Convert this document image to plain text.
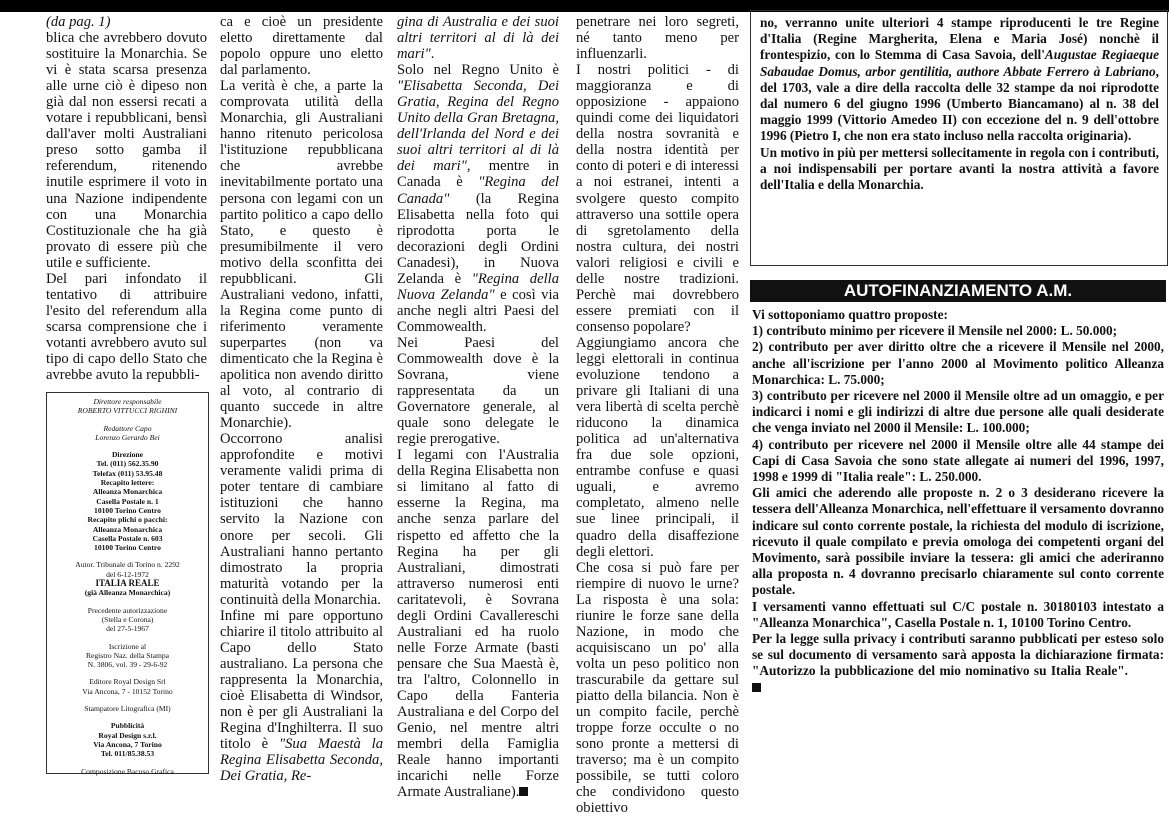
(da pag. 1)

blica che avrebbero dovuto sostituire la Monarchia. Se vi è stata scarsa presenza alle urne ciò è dipeso non già dal non essersi recati a votare i repubblicani, bensì dall'aver molti Australiani preso sotto gamba il referendum, ritenendo inutile esprimere il voto in una Nazione indipendente con una Monarchia Costituzionale che ha già provato di essere più che utile e sufficiente.

Del pari infondato il tentativo di attribuire l'esito del referendum alla scarsa comprensione che i votanti avrebbero avuto sul tipo di capo dello Stato che avrebbe avuto la repubbli-

Direttore responsabile
ROBERTO VITTUCCI RIGHINI
Redattore Capo
Lorenzo Gerardo Bei
Direzione
Tel. (011) 562.35.90
Telefax (011) 53.95.48
Recapito lettere:
Alleanza Monarchica
Casella Postale n. 1
10100 Torino Centro
Recapito plichi o pacchi:
Alleanza Monarchica
Casella Postale n. 603
10100 Torino Centro
Autor. Tribunale di Torino n. 2292
del 6-12-1972
ITALIA REALE
(già Alleanza Monarchica)
Precedente autorizzazione
(Stella e Corona)
del 27-5-1967
Iscrizione al
Registro Naz. della Stampa
N. 3806, vol. 39 - 29-6-92
Editore Royal Design Srl
Via Ancona, 7 - 10152 Torino
Stampatore Litografica (MI)
Pubblicità
Royal Design s.r.l.
Via Ancona, 7 Torino
Tel. 011/85.38.53
Composizione Bacuso Grafica

ca e cioè un presidente eletto direttamente dal popolo oppure uno eletto dal parlamento.

La verità è che, a parte la comprovata utilità della Monarchia, gli Australiani hanno ritenuto pericolosa l'istituzione repubblicana che avrebbe inevitabilmente portato una persona con legami con un partito politico a capo dello Stato, e questo è presumibilmente il vero motivo della sconfitta dei repubblicani. Gli Australiani vedono, infatti, la Regina come punto di riferimento veramente superpartes (non va dimenticato che la Regina è apolitica non avendo diritto al voto, al contrario di quanto succede in altre Monarchie).

Occorrono analisi approfondite e motivi veramente validi prima di poter tentare di cambiare istituzioni che hanno servito la Nazione con onore per secoli. Gli Australiani hanno pertanto dimostrato la propria maturità votando per la continuità della Monarchia.

Infine mi pare opportuno chiarire il titolo attribuito al Capo dello Stato australiano. La persona che rappresenta la Monarchia, cioè Elisabetta di Windsor, non è per gli Australiani la Regina d'Inghilterra. Il suo titolo è "Sua Maestà la Regina Elisabetta Seconda, Dei Gratia, Re-

gina di Australia e dei suoi altri territori al di là dei mari".

Solo nel Regno Unito è "Elisabetta Seconda, Dei Gratia, Regina del Regno Unito della Gran Bretagna, dell'Irlanda del Nord e dei suoi altri territori al di là dei mari", mentre in Canada è "Regina del Canada" (la Regina Elisabetta nella foto qui riprodotta porta le decorazioni degli Ordini Canadesi), in Nuova Zelanda è "Regina della Nuova Zelanda" e così via anche negli altri Paesi del Commowealth.

Nei Paesi del Commowealth dove è la Sovrana, viene rappresentata da un Governatore generale, al quale sono delegate le regie prerogative.

I legami con l'Australia della Regina Elisabetta non si limitano al fatto di esserne la Regina, ma anche senza parlare del rispetto ed affetto che la Regina ha per gli Australiani, dimostrati attraverso numerosi enti caritatevoli, è Sovrana degli Ordini Cavallereschi Australiani ed ha ruolo nelle Forze Armate (basti pensare che Sua Maestà è, tra l'altro, Colonnello in Capo della Fanteria Australiana e del Corpo del Genio, nel mentre altri membri della Famiglia Reale hanno importanti incarichi nelle Forze Armate Australiane).

penetrare nei loro segreti, né tanto meno per influenzarli.

I nostri politici - di maggioranza e di opposizione - appaiono quindi come dei liquidatori della nostra sovranità e della nostra identità per conto di poteri e di interessi a noi estranei, intenti a svolgere questo compito attraverso una sottile opera di sgretolamento della nostra cultura, dei nostri valori religiosi e civili e delle nostre tradizioni. Perchè mai dovrebbero essere premiati con il consenso popolare?

Aggiungiamo ancora che leggi elettorali in continua evoluzione tendono a privare gli Italiani di una vera libertà di scelta perchè riducono la dinamica politica ad un'alternativa fra due sole opzioni, entrambe confuse e quasi uguali, e avremo completato, almeno nelle sue linee principali, il quadro della disaffezione degli elettori.

Che cosa si può fare per riempire di nuovo le urne? La risposta è una sola: riunire le forze sane della Nazione, in modo che acquisiscano un po' alla volta un peso politico non trascurabile da gettare sul piatto della bilancia. Non è un compito facile, perchè troppe forze occulte o no sono pronte a mettersi di traverso; ma è un compito possibile, se tutti coloro che condividono questo obiettivo

no, verranno unite ulteriori 4 stampe riproducenti le tre Regine d'Italia (Regine Margherita, Elena e Maria José) nonchè il frontespizio, con lo Stemma di Casa Savoia, dell'Augustae Regiaeque Sabaudae Domus, arbor gentilitia, authore Abbate Ferrero à Labriano, del 1703, vale a dire della raccolta delle 32 stampe da noi riprodotte dal numero 6 del giugno 1996 (Umberto Biancamano) al n. 38 del maggio 1999 (Vittorio Amedeo II) con eccezione del n. 9 dell'ottobre 1996 (Pietro I, che non era stato incluso nella raccolta originaria).

Un motivo in più per mettersi sollecitamente in regola con i contributi, a noi indispensabili per portare avanti la nostra attività a favore dell'Italia e della Monarchia.

AUTOFINANZIAMENTO A.M.

Vi sottoponiamo quattro proposte:

1) contributo minimo per ricevere il Mensile nel 2000: L. 50.000;

2) contributo per aver diritto oltre che a ricevere il Mensile nel 2000, anche all'iscrizione per l'anno 2000 al Movimento politico Alleanza Monarchica: L. 75.000;

3) contributo per ricevere nel 2000 il Mensile oltre ad un omaggio, e per indicarci i nomi e gli indirizzi di altre due persone alle quali desiderate che venga inviato nel 2000 il Mensile: L. 100.000;

4) contributo per ricevere nel 2000 il Mensile oltre alle 44 stampe dei Capi di Casa Savoia che sono state allegate ai numeri del 1996, 1997, 1998 e 1999 di "Italia reale": L. 250.000.

Gli amici che aderendo alle proposte n. 2 o 3 desiderano ricevere la tessera dell'Alleanza Monarchica, nell'effettuare il versamento dovranno indicare sul conto corrente postale, la richiesta del modulo di iscrizione, ricevuto il quale compilato e previa omologa dei competenti organi del Movimento, sarà possibile inviare la tessera: gli amici che aderiranno alla proposta n. 4 dovranno precisarlo chiaramente sul conto corrente postale.

I versamenti vanno effettuati sul C/C postale n. 30180103 intestato a "Alleanza Monarchica", Casella Postale n. 1, 10100 Torino Centro.

Per la legge sulla privacy i contributi saranno pubblicati per esteso solo se sul documento di versamento sarà apposta la dichiarazione firmata: "Autorizzo la pubblicazione del mio nominativo su Italia Reale".
